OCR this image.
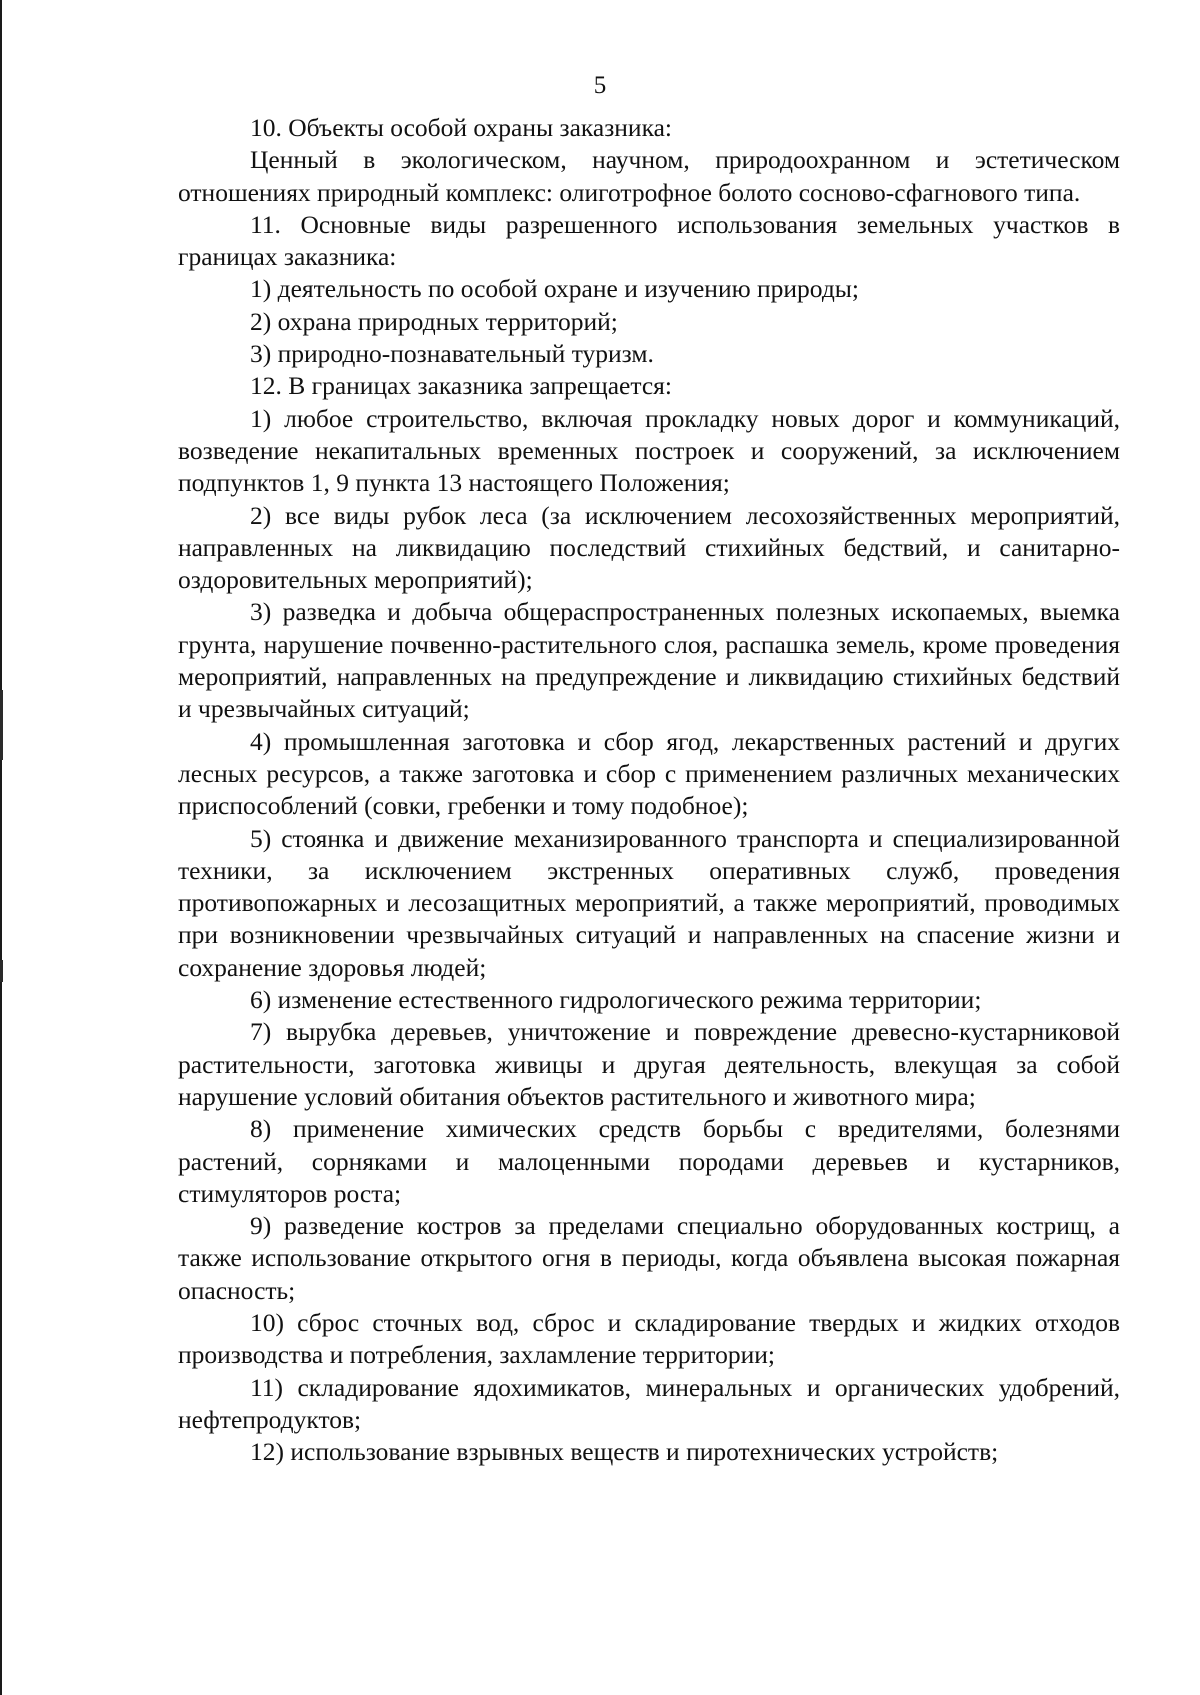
5

10. Объекты особой охраны заказника:

Ценный в экологическом, научном, природоохранном и эстетическом отношениях природный комплекс: олиготрофное болото сосново-сфагнового типа.

11. Основные виды разрешенного использования земельных участков в границах заказника:

1) деятельность по особой охране и изучению природы;

2) охрана природных территорий;

3) природно-познавательный туризм.

12. В границах заказника запрещается:

1) любое строительство, включая прокладку новых дорог и коммуникаций, возведение некапитальных временных построек и сооружений, за исключением подпунктов 1, 9 пункта 13 настоящего Положения;

2) все виды рубок леса (за исключением лесохозяйственных мероприятий, направленных на ликвидацию последствий стихийных бедствий, и санитарно-оздоровительных мероприятий);

3) разведка и добыча общераспространенных полезных ископаемых, выемка грунта, нарушение почвенно-растительного слоя, распашка земель, кроме проведения мероприятий, направленных на предупреждение и ликвидацию стихийных бедствий и чрезвычайных ситуаций;

4) промышленная заготовка и сбор ягод, лекарственных растений и других лесных ресурсов, а также заготовка и сбор с применением различных механических приспособлений (совки, гребенки и тому подобное);

5) стоянка и движение механизированного транспорта и специализированной техники, за исключением экстренных оперативных служб, проведения противопожарных и лесозащитных мероприятий, а также мероприятий, проводимых при возникновении чрезвычайных ситуаций и направленных на спасение жизни и сохранение здоровья людей;

6) изменение естественного гидрологического режима территории;

7) вырубка деревьев, уничтожение и повреждение древесно-кустарниковой растительности, заготовка живицы и другая деятельность, влекущая за собой нарушение условий обитания объектов растительного и животного мира;

8) применение химических средств борьбы с вредителями, болезнями растений, сорняками и малоценными породами деревьев и кустарников, стимуляторов роста;

9) разведение костров за пределами специально оборудованных кострищ, а также использование открытого огня в периоды, когда объявлена высокая пожарная опасность;

10) сброс сточных вод, сброс и складирование твердых и жидких отходов производства и потребления, захламление территории;

11) складирование ядохимикатов, минеральных и органических удобрений, нефтепродуктов;

12) использование взрывных веществ и пиротехнических устройств;
